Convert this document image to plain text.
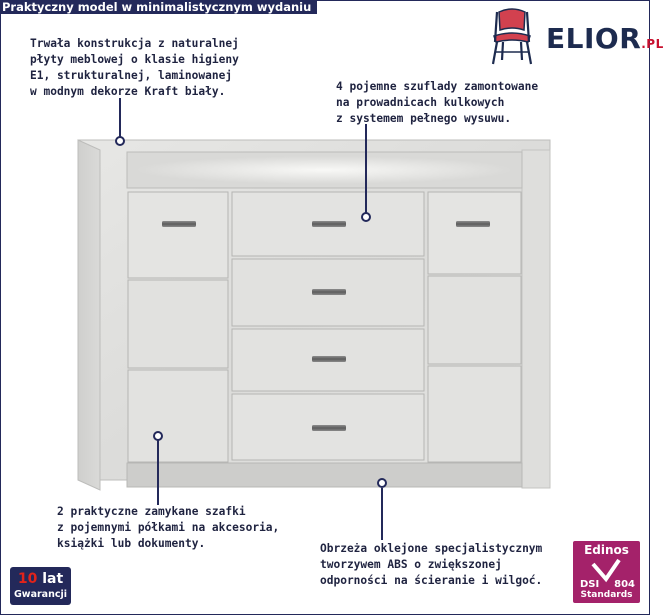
Praktyczny model w minimalistycznym wydaniu
ELIOR.PL
Trwała konstrukcja z naturalnej
płyty meblowej o klasie higieny
E1, strukturalnej, laminowanej
w modnym dekorze Kraft biały.	4 pojemne szuflady zamontowane
na prowadnicach kulkowych
z systemem pełnego wysuwu.
2 praktyczne zamykane szafki
z pojemnymi półkami na akcesoria,
książki lub dokumenty.	Obrzeża oklejone specjalistycznym
tworzywem ABS o zwiększonej
odporności na ścieranie i wilgoć.
10 lat
Gwarancji
Edinos
DSI 804
Standards
